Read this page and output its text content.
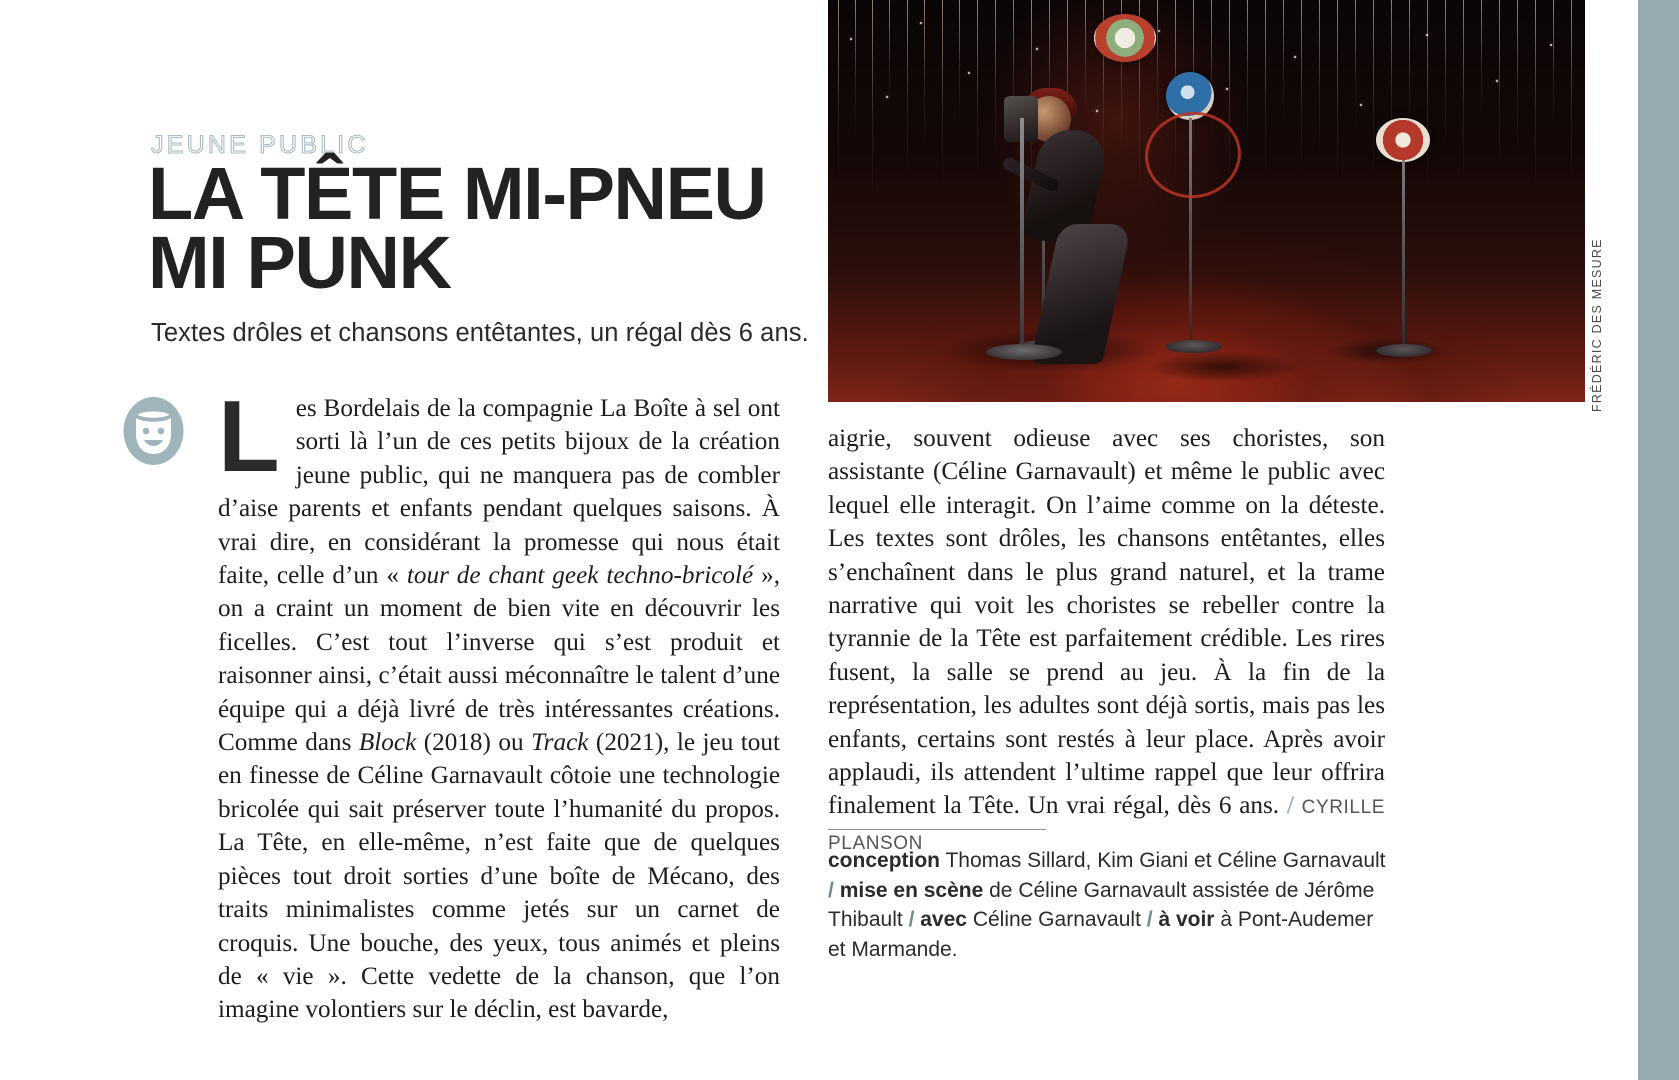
JEUNE PUBLIC
LA TÊTE MI-PNEU
MI PUNK
Textes drôles et chansons entêtantes, un régal dès 6 ans.
Les Bordelais de la compagnie La Boîte à sel ont sorti là l’un de ces petits bijoux de la création jeune public, qui ne manquera pas de combler d’aise parents et enfants pendant quelques saisons. À vrai dire, en considérant la promesse qui nous était faite, celle d’un « tour de chant geek techno-bricolé », on a craint un moment de bien vite en découvrir les ficelles. C’est tout l’inverse qui s’est produit et raisonner ainsi, c’était aussi méconnaître le talent d’une équipe qui a déjà livré de très intéressantes créations. Comme dans Block (2018) ou Track (2021), le jeu tout en finesse de Céline Garnavault côtoie une technologie bricolée qui sait préserver toute l’humanité du propos. La Tête, en elle-même, n’est faite que de quelques pièces tout droit sorties d’une boîte de Mécano, des traits minimalistes comme jetés sur un carnet de croquis. Une bouche, des yeux, tous animés et pleins de « vie ». Cette vedette de la chanson, que l’on imagine volontiers sur le déclin, est bavarde,
FRÉDÉRIC DES MESURE
aigrie, souvent odieuse avec ses choristes, son assistante (Céline Garnavault) et même le public avec lequel elle interagit. On l’aime comme on la déteste. Les textes sont drôles, les chansons entêtantes, elles s’enchaînent dans le plus grand naturel, et la trame narrative qui voit les choristes se rebeller contre la tyrannie de la Tête est parfaitement crédible. Les rires fusent, la salle se prend au jeu. À la fin de la représentation, les adultes sont déjà sortis, mais pas les enfants, certains sont restés à leur place. Après avoir applaudi, ils attendent l’ultime rappel que leur offrira finalement la Tête. Un vrai régal, dès 6 ans. / CYRILLE PLANSON
conception Thomas Sillard, Kim Giani et Céline Garnavault / mise en scène de Céline Garnavault assistée de Jérôme Thibault / avec Céline Garnavault / à voir à Pont-Audemer et Marmande.
